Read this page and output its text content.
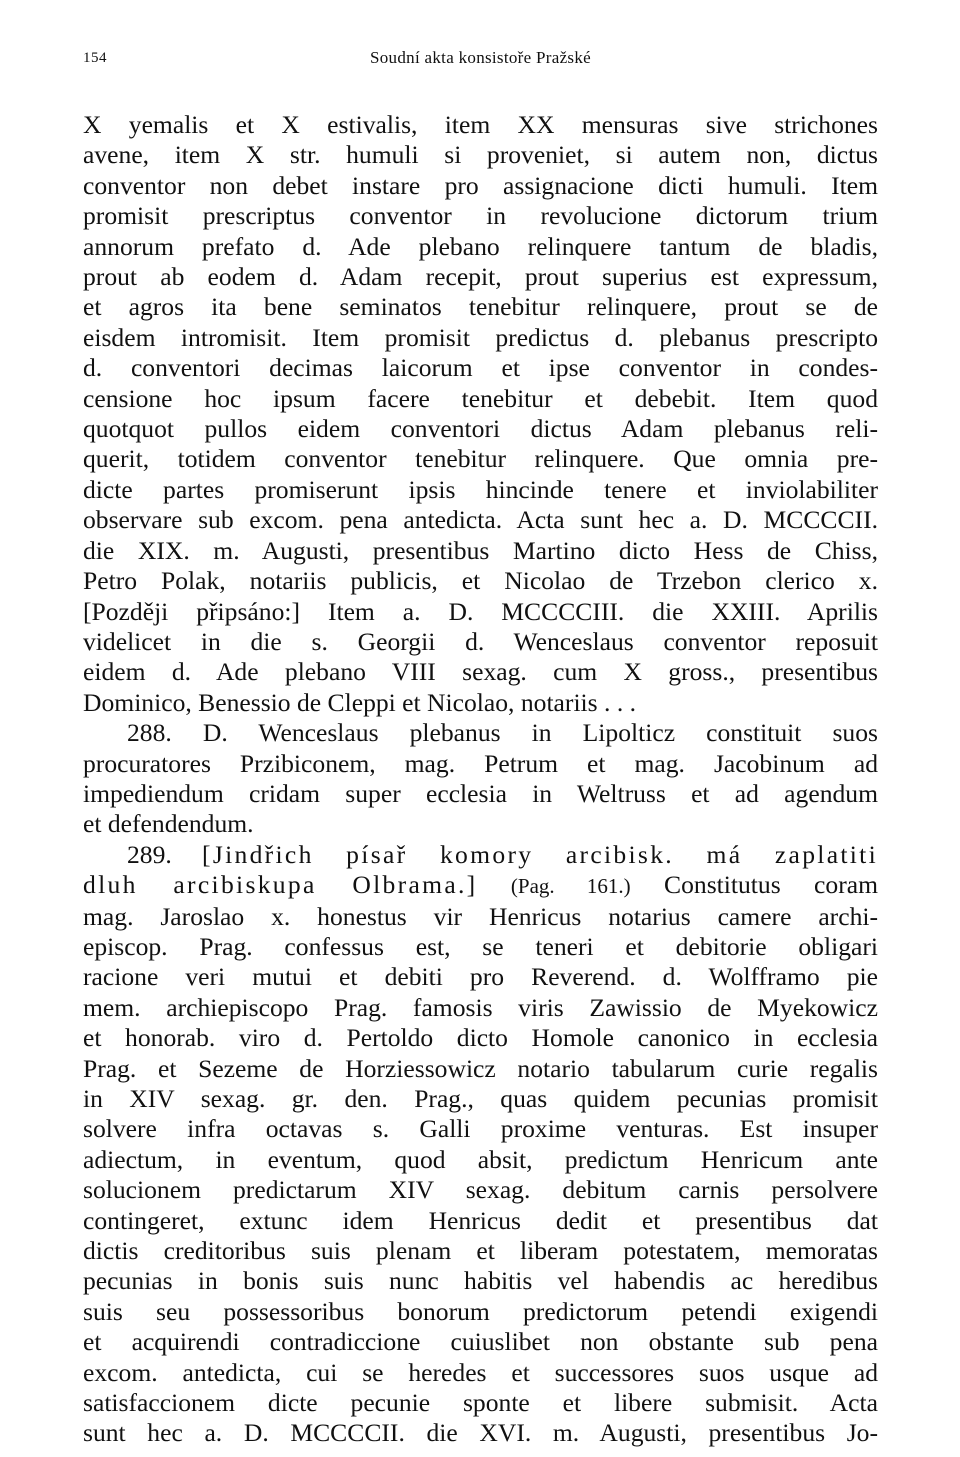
154	Soudní akta konsistoře Pražské
X yemalis et X estivalis, item XX mensuras sive strichones
avene, item X str. humuli si proveniet, si autem non, dictus
conventor non debet instare pro assignacione dicti humuli. Item
promisit prescriptus conventor in revolucione dictorum trium
annorum prefato d. Ade plebano relinquere tantum de bladis,
prout ab eodem d. Adam recepit, prout superius est expressum,
et agros ita bene seminatos tenebitur relinquere, prout se de
eisdem intromisit. Item promisit predictus d. plebanus prescripto
d. conventori decimas laicorum et ipse conventor in condes-
censione hoc ipsum facere tenebitur et debebit. Item quod
quotquot pullos eidem conventori dictus Adam plebanus reli-
querit, totidem conventor tenebitur relinquere. Que omnia pre-
dicte partes promiserunt ipsis hincinde tenere et inviolabiliter
observare sub excom. pena antedicta. Acta sunt hec a. D. MCCCCII.
die XIX. m. Augusti, presentibus Martino dicto Hess de Chiss,
Petro Polak, notariis publicis, et Nicolao de Trzebon clerico x.
[Později připsáno:] Item a. D. MCCCCIII. die XXIII. Aprilis
videlicet in die s. Georgii d. Wenceslaus conventor reposuit
eidem d. Ade plebano VIII sexag. cum X gross., presentibus
Dominico, Benessio de Cleppi et Nicolao, notariis . . .
288. D. Wenceslaus plebanus in Lipolticz constituit suos
procuratores Przibiconem, mag. Petrum et mag. Jacobinum ad
impediendum cridam super ecclesia in Weltruss et ad agendum
et defendendum.
289. [Jindřich písař komory arcibisk. má zaplatiti
dluh arcibiskupa Olbrama.] (Pag. 161.) Constitutus coram
mag. Jaroslao x. honestus vir Henricus notarius camere archi-
episcop. Prag. confessus est, se teneri et debitorie obligari
racione veri mutui et debiti pro Reverend. d. Wolfframo pie
mem. archiepiscopo Prag. famosis viris Zawissio de Myekowicz
et honorab. viro d. Pertoldo dicto Homole canonico in ecclesia
Prag. et Sezeme de Horziessowicz notario tabularum curie regalis
in XIV sexag. gr. den. Prag., quas quidem pecunias promisit
solvere infra octavas s. Galli proxime venturas. Est insuper
adiectum, in eventum, quod absit, predictum Henricum ante
solucionem predictarum XIV sexag. debitum carnis persolvere
contingeret, extunc idem Henricus dedit et presentibus dat
dictis creditoribus suis plenam et liberam potestatem, memoratas
pecunias in bonis suis nunc habitis vel habendis ac heredibus
suis seu possessoribus bonorum predictorum petendi exigendi
et acquirendi contradiccione cuiuslibet non obstante sub pena
excom. antedicta, cui se heredes et successores suos usque ad
satisfaccionem dicte pecunie sponte et libere submisit. Acta
sunt hec a. D. MCCCCII. die XVI. m. Augusti, presentibus Jo-
